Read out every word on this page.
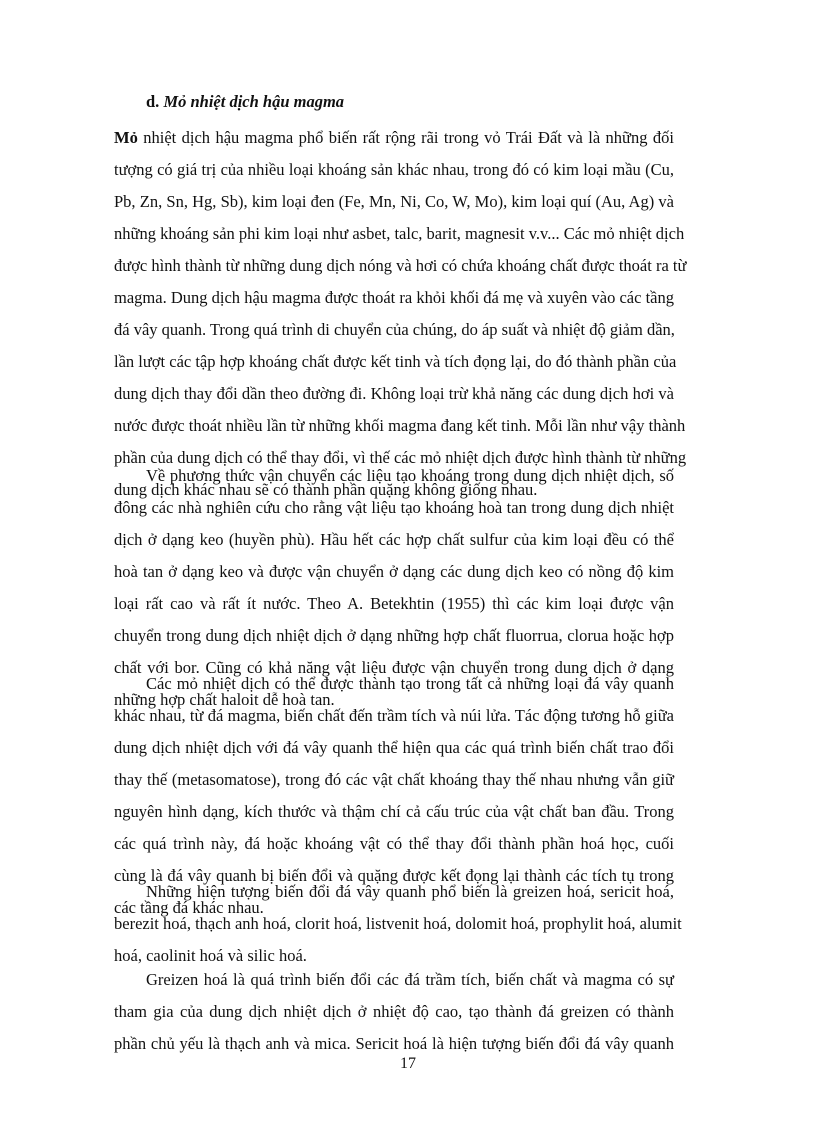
d. Mỏ nhiệt dịch hậu magma
Mỏ nhiệt dịch hậu magma phổ biến rất rộng rãi trong vỏ Trái Đất và là những đối
tượng có giá trị của nhiều loại khoáng sản khác nhau, trong đó có kim loại mầu (Cu,
Pb, Zn, Sn, Hg, Sb), kim loại đen (Fe, Mn, Ni, Co, W, Mo), kim loại quí (Au, Ag) và
những khoáng sản phi kim loại như asbet, talc, barit, magnesit v.v... Các mỏ nhiệt dịch
được hình thành từ những dung dịch nóng và hơi có chứa khoáng chất được thoát ra từ
magma. Dung dịch hậu magma được thoát ra khỏi khối đá mẹ và xuyên vào các tầng
đá vây quanh. Trong quá trình di chuyển của chúng, do áp suất và nhiệt độ giảm dần,
lần lượt các tập hợp khoáng chất được kết tinh và tích đọng lại, do đó thành phần của
dung dịch thay đổi dần theo đường đi. Không loại trừ khả năng các dung dịch hơi và
nước được thoát nhiều lần từ những khối magma đang kết tinh. Mỗi lần như vậy thành
phần của dung dịch có thể thay đổi, vì thế các mỏ nhiệt dịch được hình thành từ những
dung dịch khác nhau sẽ có thành phần quặng không giống nhau.
Về phương thức vận chuyển các liệu tạo khoáng trong dung dịch nhiệt dịch, số
đông các nhà nghiên cứu cho rằng vật liệu tạo khoáng hoà tan trong dung dịch nhiệt
dịch ở dạng keo (huyền phù). Hầu hết các hợp chất sulfur của kim loại đều có thể
hoà tan ở dạng keo và được vận chuyển ở dạng các dung dịch keo có nồng độ kim
loại rất cao và rất ít nước. Theo A. Betekhtin (1955) thì các kim loại được vận
chuyển trong dung dịch nhiệt dịch ở dạng những hợp chất fluorrua, clorua hoặc hợp
chất với bor. Cũng có khả năng vật liệu được vận chuyển trong dung dịch ở dạng
những hợp chất haloit dễ hoà tan.
Các mỏ nhiệt dịch có thể được thành tạo trong tất cả những loại đá vây quanh
khác nhau, từ đá magma, biến chất đến trầm tích và núi lửa. Tác động tương hỗ giữa
dung dịch nhiệt dịch với đá vây quanh thể hiện qua các quá trình biến chất trao đổi
thay thế (metasomatose), trong đó các vật chất khoáng thay thế nhau nhưng vẫn giữ
nguyên hình dạng, kích thước và thậm chí cả cấu trúc của vật chất ban đầu. Trong
các quá trình này, đá hoặc khoáng vật có thể thay đổi thành phần hoá học, cuối
cùng là đá vây quanh bị biến đổi và quặng được kết đọng lại thành các tích tụ trong
các tầng đá khác nhau.
Những hiện tượng biến đổi đá vây quanh phổ biến là greizen hoá, sericit hoá,
berezit hoá, thạch anh hoá, clorit hoá, listvenit hoá, dolomit hoá, prophylit hoá, alumit
hoá, caolinit hoá và silic hoá.
Greizen hoá là quá trình biến đổi các đá trầm tích, biến chất và magma có sự
tham gia của dung dịch nhiệt dịch ở nhiệt độ cao, tạo thành đá greizen có thành
phần chủ yếu là thạch anh và mica. Sericit hoá là hiện tượng biến đổi đá vây quanh
17
